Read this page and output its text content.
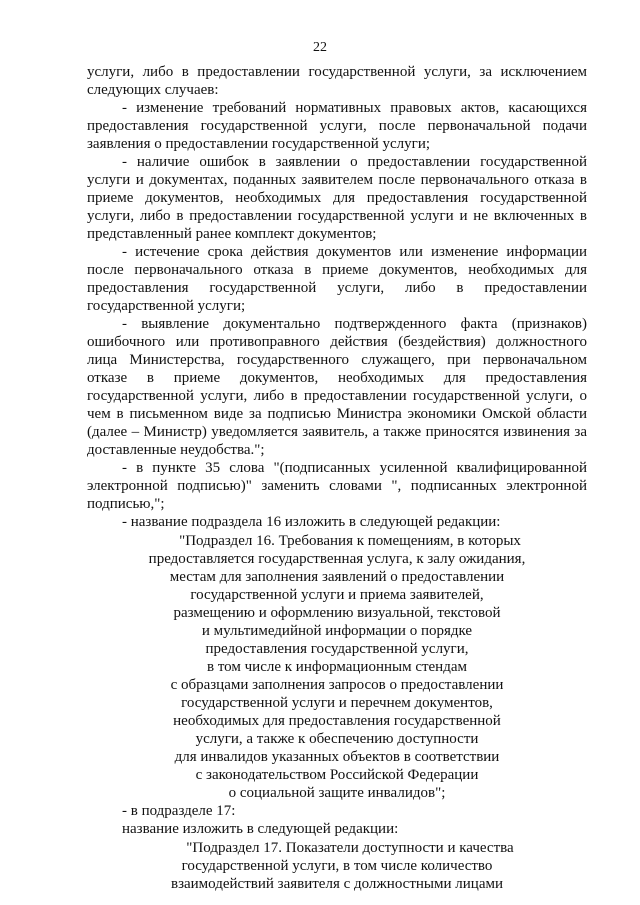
22
услуги, либо в предоставлении государственной услуги, за исключением
следующих случаев:
- изменение требований нормативных правовых актов, касающихся
предоставления государственной услуги, после первоначальной подачи
заявления о предоставлении государственной услуги;
- наличие ошибок в заявлении о предоставлении государственной
услуги и документах, поданных заявителем после первоначального отказа в
приеме документов, необходимых для предоставления государственной
услуги, либо в предоставлении государственной услуги и не включенных в
представленный ранее комплект документов;
- истечение срока действия документов или изменение информации
после первоначального отказа в приеме документов, необходимых для
предоставления государственной услуги, либо в предоставлении
государственной услуги;
- выявление документально подтвержденного факта (признаков)
ошибочного или противоправного действия (бездействия) должностного
лица Министерства, государственного служащего, при первоначальном
отказе в приеме документов, необходимых для предоставления
государственной услуги, либо в предоставлении государственной услуги, о
чем в письменном виде за подписью Министра экономики Омской области
(далее – Министр) уведомляется заявитель, а также приносятся извинения за
доставленные неудобства.";
- в пункте 35 слова "(подписанных усиленной квалифицированной
электронной подписью)" заменить словами ", подписанных электронной
подписью,";
- название подраздела 16 изложить в следующей редакции:
"Подраздел 16. Требования к помещениям, в которых
предоставляется государственная услуга, к залу ожидания,
местам для заполнения заявлений о предоставлении
государственной услуги и приема заявителей,
размещению и оформлению визуальной, текстовой
и мультимедийной информации о порядке
предоставления государственной услуги,
в том числе к информационным стендам
с образцами заполнения запросов о предоставлении
государственной услуги и перечнем документов,
необходимых для предоставления государственной
услуги, а также к обеспечению доступности
для инвалидов указанных объектов в соответствии
с законодательством Российской Федерации
о социальной защите инвалидов";
- в подразделе 17:
название изложить в следующей редакции:
"Подраздел 17. Показатели доступности и качества
государственной услуги, в том числе количество
взаимодействий заявителя с должностными лицами
